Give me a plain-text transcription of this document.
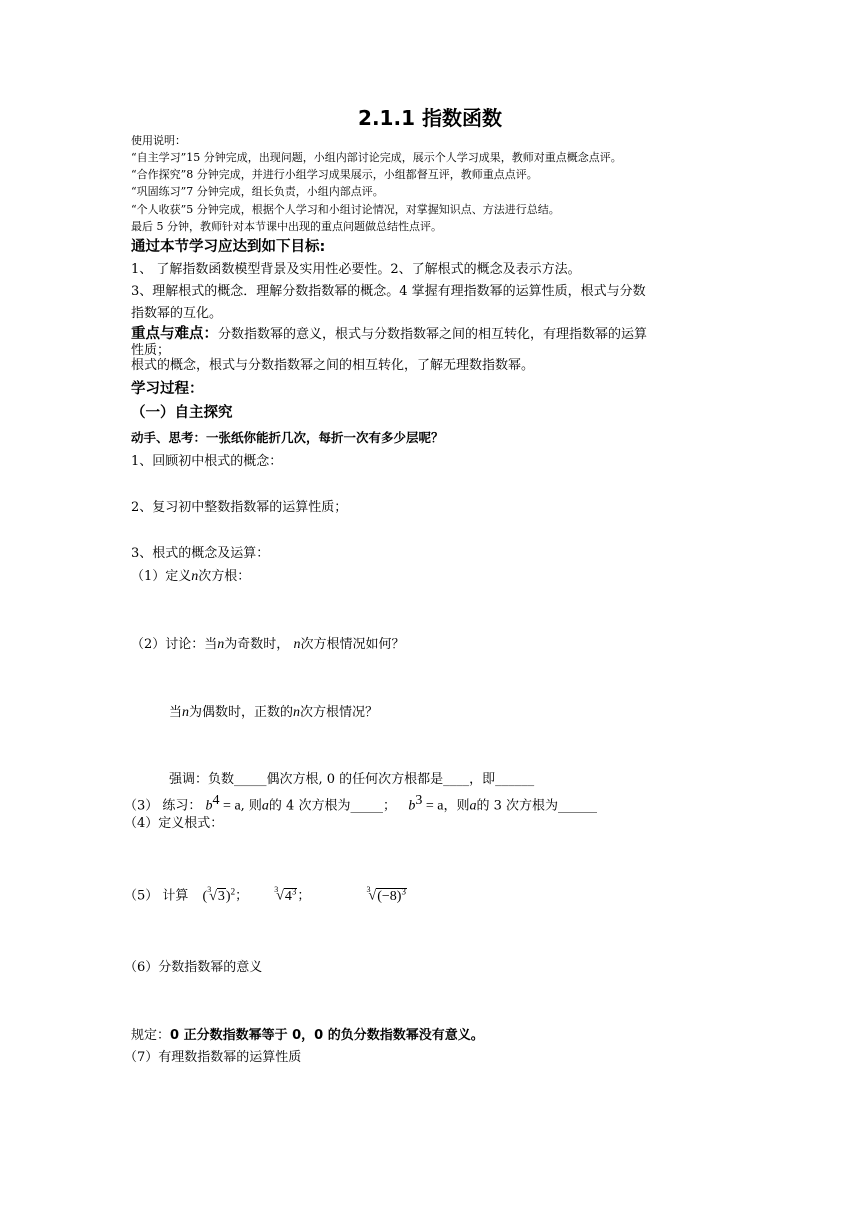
2.1.1 指数函数
使用说明：
“自主学习”15 分钟完成，出现问题，小组内部讨论完成，展示个人学习成果，教师对重点概念点评。
“合作探究”8 分钟完成，并进行小组学习成果展示，小组都督互评，教师重点点评。
“巩固练习”7 分钟完成，组长负责，小组内部点评。
“个人收获”5 分钟完成，根据个人学习和小组讨论情况，对掌握知识点、方法进行总结。
最后 5 分钟，教师针对本节课中出现的重点问题做总结性点评。
通过本节学习应达到如下目标:
1、 了解指数函数模型背景及实用性必要性。2、了解根式的概念及表示方法。
3、理解根式的概念．理解分数指数幂的概念。4 掌握有理指数幂的运算性质，根式与分数
指数幂的互化。
重点与难点：分数指数幂的意义，根式与分数指数幂之间的相互转化，有理指数幂的运算
性质；
根式的概念，根式与分数指数幂之间的相互转化，了解无理数指数幂。
学习过程：
（一）自主探究
动手、思考：一张纸你能折几次，每折一次有多少层呢？
1、回顾初中根式的概念：
2、复习初中整数指数幂的运算性质；
3、根式的概念及运算：
（1）定义n次方根：
（2）讨论：当n为奇数时， n次方根情况如何？
当n为偶数时，正数的n次方根情况？
强调：负数_____偶次方根, 0 的任何次方根都是____，即______
（3） 练习： $b^4 = a$, 则a的 4 次方根为_____； $b^3 = a$，则a的 3 次方根为______
（4）定义根式：
（5） 计算 $(^3√3)^2$；	$^3√4^3$；	$^3√(-8)^3$
（6）分数指数幂的意义
规定：0 正分数指数幂等于 0，0 的负分数指数幂没有意义。
（7）有理数指数幂的运算性质
